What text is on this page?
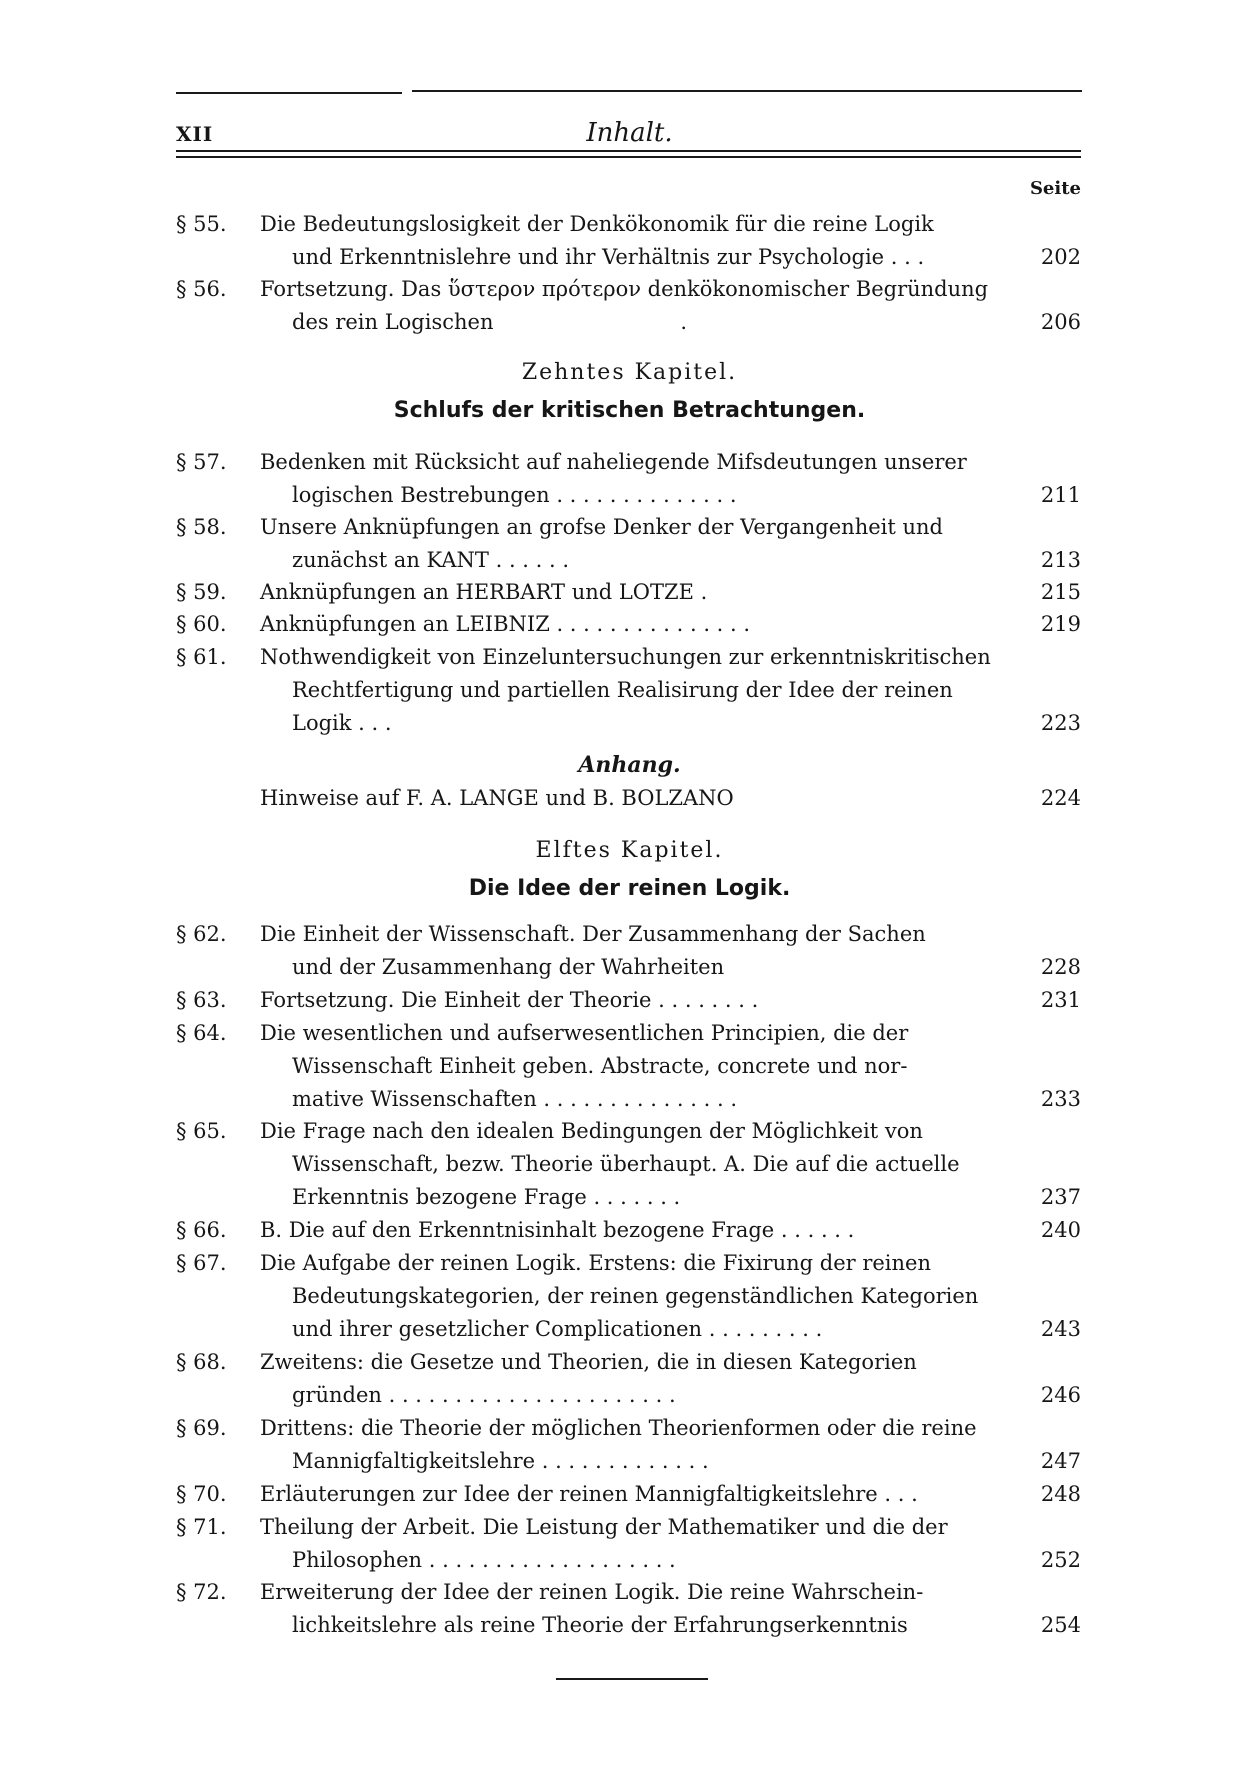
XII	Inhalt.
Seite
§ 55. Die Bedeutungslosigkeit der Denkökonomik für die reine Logik
und Erkenntnislehre und ihr Verhältnis zur Psychologie . . .	202
§ 56. Fortsetzung. Das ὕστερον πρότερον denkökonomischer Begründung
des rein Logischen                            .	206
Zehntes Kapitel.
Schlufs der kritischen Betrachtungen.
§ 57. Bedenken mit Rücksicht auf naheliegende Mifsdeutungen unserer
logischen Bestrebungen . . . . . . . . . . . . . .	211
§ 58. Unsere Anknüpfungen an grofse Denker der Vergangenheit und
zunächst an KANT . . . . . .	213
§ 59. Anknüpfungen an HERBART und LOTZE .	215
§ 60. Anknüpfungen an LEIBNIZ . . . . . . . . . . . . . . .	219
§ 61. Nothwendigkeit von Einzeluntersuchungen zur erkenntniskritischen
Rechtfertigung und partiellen Realisirung der Idee der reinen
Logik . . .	223
Anhang.
Hinweise auf F. A. LANGE und B. BOLZANO	224
Elftes Kapitel.
Die Idee der reinen Logik.
§ 62. Die Einheit der Wissenschaft. Der Zusammenhang der Sachen
und der Zusammenhang der Wahrheiten	228
§ 63. Fortsetzung. Die Einheit der Theorie . . . . . . . .	231
§ 64. Die wesentlichen und aufserwesentlichen Principien, die der
Wissenschaft Einheit geben. Abstracte, concrete und nor-
mative Wissenschaften . . . . . . . . . . . . . . .	233
§ 65. Die Frage nach den idealen Bedingungen der Möglichkeit von
Wissenschaft, bezw. Theorie überhaupt. A. Die auf die actuelle
Erkenntnis bezogene Frage . . . . . . .	237
§ 66. B. Die auf den Erkenntnisinhalt bezogene Frage . . . . . .	240
§ 67. Die Aufgabe der reinen Logik. Erstens: die Fixirung der reinen
Bedeutungskategorien, der reinen gegenständlichen Kategorien
und ihrer gesetzlicher Complicationen . . . . . . . . .	243
§ 68. Zweitens: die Gesetze und Theorien, die in diesen Kategorien
gründen . . . . . . . . . . . . . . . . . . . . . .	246
§ 69. Drittens: die Theorie der möglichen Theorienformen oder die reine
Mannigfaltigkeitslehre . . . . . . . . . . . . .	247
§ 70. Erläuterungen zur Idee der reinen Mannigfaltigkeitslehre . . .	248
§ 71. Theilung der Arbeit. Die Leistung der Mathematiker und die der
Philosophen . . . . . . . . . . . . . . . . . . .	252
§ 72. Erweiterung der Idee der reinen Logik. Die reine Wahrschein-
lichkeitslehre als reine Theorie der Erfahrungserkenntnis	254
